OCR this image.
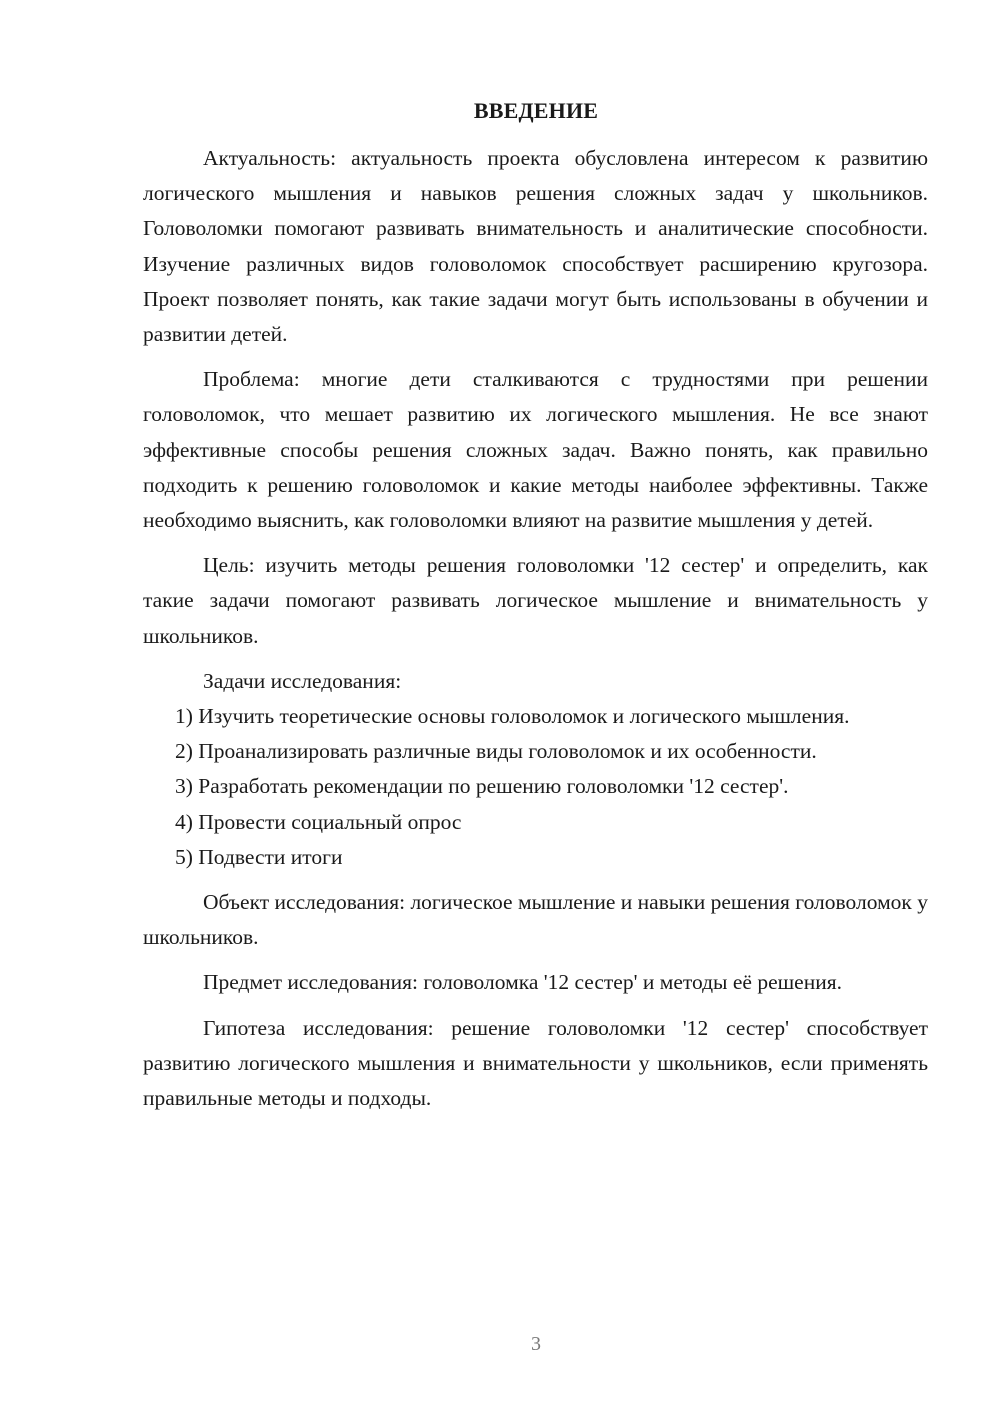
ВВЕДЕНИЕ

Актуальность: актуальность проекта обусловлена интересом к развитию логического мышления и навыков решения сложных задач у школьников. Головоломки помогают развивать внимательность и аналитические способности. Изучение различных видов головоломок способствует расширению кругозора. Проект позволяет понять, как такие задачи могут быть использованы в обучении и развитии детей.

Проблема: многие дети сталкиваются с трудностями при решении головоломок, что мешает развитию их логического мышления. Не все знают эффективные способы решения сложных задач. Важно понять, как правильно подходить к решению головоломок и какие методы наиболее эффективны. Также необходимо выяснить, как головоломки влияют на развитие мышления у детей.

Цель: изучить методы решения головоломки '12 сестер' и определить, как такие задачи помогают развивать логическое мышление и внимательность у школьников.

Задачи исследования:

1) Изучить теоретические основы головоломок и логического мышления.

2) Проанализировать различные виды головоломок и их особенности.

3) Разработать рекомендации по решению головоломки '12 сестер'.

4) Провести социальный опрос

5) Подвести итоги

Объект исследования: логическое мышление и навыки решения головоломок у школьников.

Предмет исследования: головоломка '12 сестер' и методы её решения.

Гипотеза исследования: решение головоломки '12 сестер' способствует развитию логического мышления и внимательности у школьников, если применять правильные методы и подходы.

3
